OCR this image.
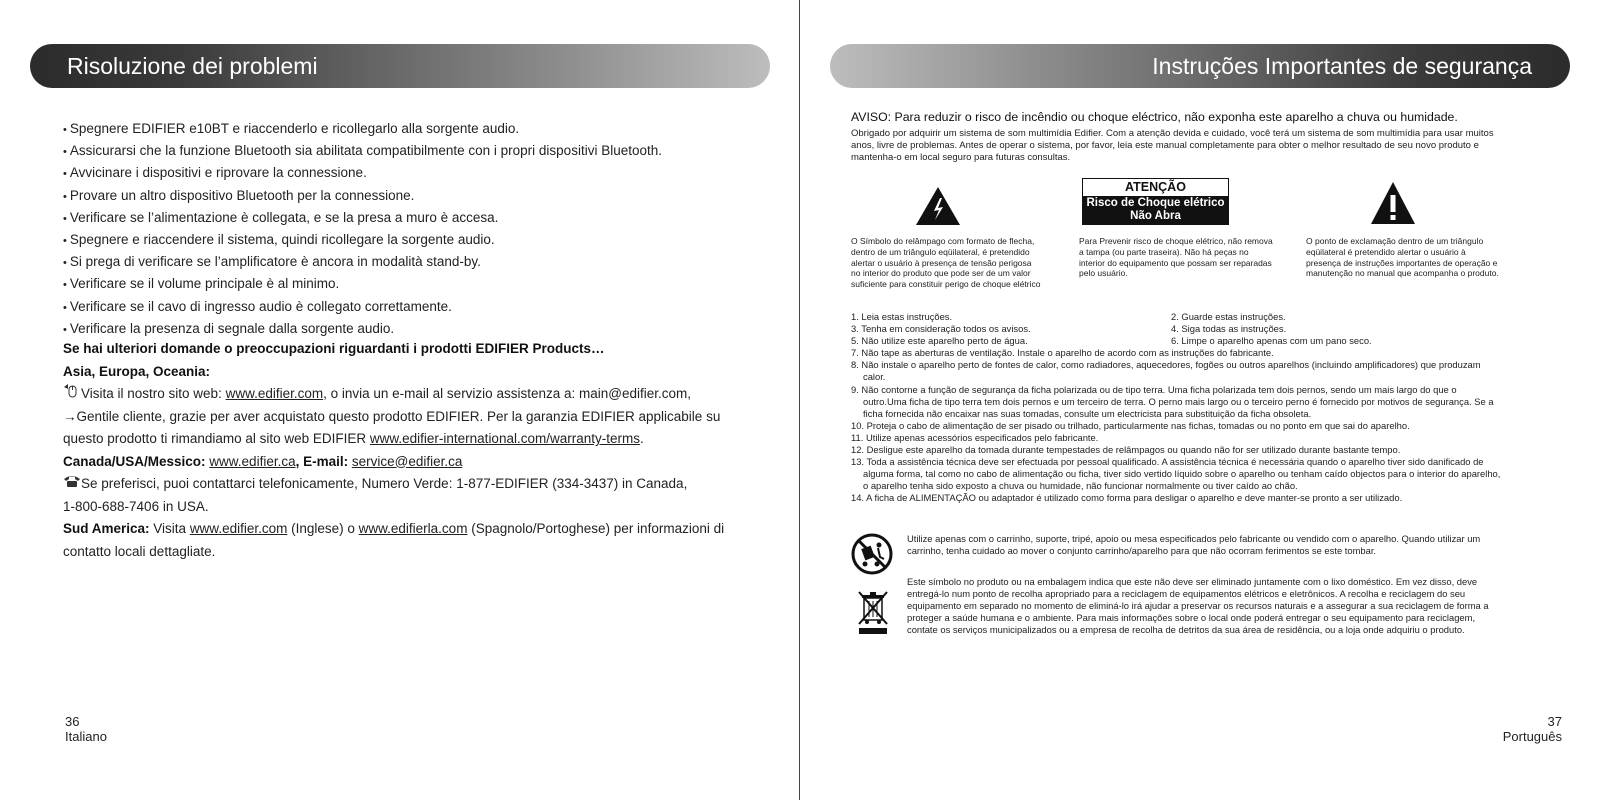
Risoluzione dei problemi
• Spegnere EDIFIER e10BT e riaccenderlo e ricollegarlo alla sorgente audio.
• Assicurarsi che la funzione Bluetooth sia abilitata compatibilmente con i propri dispositivi Bluetooth.
• Avvicinare i dispositivi e riprovare la connessione.
• Provare un altro dispositivo Bluetooth per la connessione.
• Verificare se l’alimentazione è collegata, e se la presa a muro è accesa.
• Spegnere e riaccendere il sistema, quindi ricollegare la sorgente audio.
• Si prega di verificare se l’amplificatore è ancora in modalità stand-by.
• Verificare se il volume principale è al minimo.
• Verificare se il cavo di ingresso audio è collegato correttamente.
• Verificare la presenza di segnale dalla sorgente audio.
Se hai ulteriori domande o preoccupazioni riguardanti i prodotti EDIFIER Products…
Asia, Europa, Oceania:
Visita il nostro sito web: www.edifier.com, o invia un e-mail al servizio assistenza a: main@edifier.com,
→Gentile cliente, grazie per aver acquistato questo prodotto EDIFIER. Per la garanzia EDIFIER applicabile su questo prodotto ti rimandiamo al sito web EDIFIER www.edifier-international.com/warranty-terms.
Canada/USA/Messico: www.edifier.ca, E-mail: service@edifier.ca
Se preferisci, puoi contattarci telefonicamente, Numero Verde: 1-877-EDIFIER (334-3437) in Canada,
1-800-688-7406 in USA.
Sud America: Visita www.edifier.com (Inglese) o www.edifierla.com (Spagnolo/Portoghese) per informazioni di contatto locali dettagliate.
36
Italiano
Instruções Importantes de segurança
AVISO: Para reduzir o risco de incêndio ou choque eléctrico, não exponha este aparelho a chuva ou humidade.
Obrigado por adquirir um sistema de som multimídia Edifier. Com a atenção devida e cuidado, você terá um sistema de som multimídia para usar muitos anos, livre de problemas. Antes de operar o sistema, por favor, leia este manual completamente para obter o melhor resultado de seu novo produto e mantenha-o em local seguro para futuras consultas.
O Símbolo do relâmpago com formato de flecha, dentro de um triângulo eqüilateral, é pretendido alertar o usuário à presença de tensão perigosa no interior do produto que pode ser de um valor suficiente para constituir perigo de choque elétrico
ATENÇÃO
Risco de Choque elétrico
Não Abra
Para Prevenir risco de choque elétrico, não remova a tampa (ou parte traseira). Não há peças no interior do equipamento que possam ser reparadas pelo usuário.
O ponto de exclamação dentro de um triângulo eqüilateral é pretendido alertar o usuário à presença de instruções importantes de operação e manutenção no manual que acompanha o produto.
1. Leia estas instruções.	2. Guarde estas instruções.
3. Tenha em consideração todos os avisos.	4. Siga todas as instruções.
5. Não utilize este aparelho perto de água.	6. Limpe o aparelho apenas com um pano seco.
7. Não tape as aberturas de ventilação. Instale o aparelho de acordo com as instruções do fabricante.
8. Não instale o aparelho perto de fontes de calor, como radiadores, aquecedores, fogões ou outros aparelhos (incluindo amplificadores) que produzam calor.
9. Não contorne a função de segurança da ficha polarizada ou de tipo terra. Uma ficha polarizada tem dois pernos, sendo um mais largo do que o outro.Uma ficha de tipo terra tem dois pernos e um terceiro de terra. O perno mais largo ou o terceiro perno é fornecido por motivos de segurança. Se a ficha fornecida não encaixar nas suas tomadas, consulte um electricista para substituição da ficha obsoleta.
10. Proteja o cabo de alimentação de ser pisado ou trilhado, particularmente nas fichas, tomadas ou no ponto em que sai do aparelho.
11. Utilize apenas acessórios especificados pelo fabricante.
12. Desligue este aparelho da tomada durante tempestades de relâmpagos ou quando não for ser utilizado durante bastante tempo.
13. Toda a assistência técnica deve ser efectuada por pessoal qualificado. A assistência técnica é necessária quando o aparelho tiver sido danificado de alguma forma, tal como no cabo de alimentação ou ficha, tiver sido vertido líquido sobre o aparelho ou tenham caído objectos para o interior do aparelho, o aparelho tenha sido exposto a chuva ou humidade, não funcionar normalmente ou tiver caído ao chão.
14. A ficha de ALIMENTAÇÃO ou adaptador é utilizado como forma para desligar o aparelho e deve manter-se pronto a ser utilizado.
Utilize apenas com o carrinho, suporte, tripé, apoio ou mesa especificados pelo fabricante ou vendido com o aparelho. Quando utilizar um carrinho, tenha cuidado ao mover o conjunto carrinho/aparelho para que não ocorram ferimentos se este tombar.
Este símbolo no produto ou na embalagem indica que este não deve ser eliminado juntamente com o lixo doméstico. Em vez disso, deve entregá-lo num ponto de recolha apropriado para a reciclagem de equipamentos elétricos e eletrônicos. A recolha e reciclagem do seu equipamento em separado no momento de eliminá-lo irá ajudar a preservar os recursos naturais e a assegurar a sua reciclagem de forma a proteger a saúde humana e o ambiente. Para mais informações sobre o local onde poderá entregar o seu equipamento para reciclagem, contate os serviços municipalizados ou a empresa de recolha de detritos da sua área de residência, ou a loja onde adquiriu o produto.
37
Português
